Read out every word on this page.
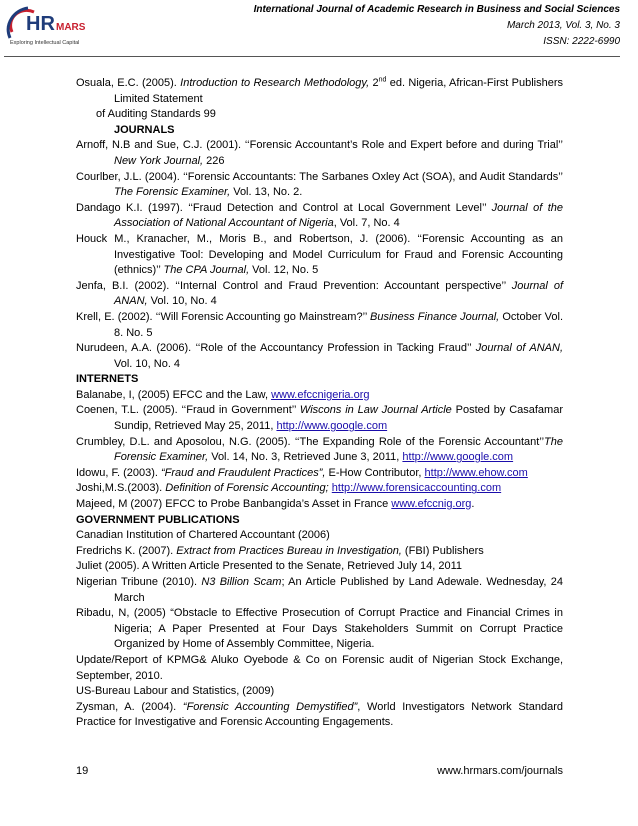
HR MARS
Exploring Intellectual Capital
International Journal of Academic Research in Business and Social Sciences
March 2013, Vol. 3, No. 3
ISSN: 2222-6990
Osuala, E.C. (2005). Introduction to Research Methodology, 2nd ed. Nigeria, African-First Publishers Limited Statement
of Auditing Standards 99
JOURNALS
Arnoff, N.B and Sue, C.J. (2001). ‘‘Forensic Accountant’s Role and Expert before and during Trial’’ New York Journal, 226
Courlber, J.L. (2004). ‘‘Forensic Accountants: The Sarbanes Oxley Act (SOA), and Audit Standards’’ The Forensic Examiner, Vol. 13, No. 2.
Dandago K.I. (1997). ‘‘Fraud Detection and Control at Local Government Level’’ Journal of the Association of National Accountant of Nigeria, Vol. 7, No. 4
Houck M., Kranacher, M., Moris B., and Robertson, J. (2006). ‘‘Forensic Accounting as an Investigative Tool: Developing and Model Curriculum for Fraud and Forensic Accounting (ethnics)’’ The CPA Journal, Vol. 12, No. 5
Jenfa, B.I. (2002). ‘‘Internal Control and Fraud Prevention: Accountant perspective’’ Journal of ANAN, Vol. 10, No. 4
Krell, E. (2002). ‘‘Will Forensic Accounting go Mainstream?’’ Business Finance Journal, October Vol. 8. No. 5
Nurudeen, A.A. (2006). ‘‘Role of the Accountancy Profession in Tacking Fraud’’ Journal of ANAN, Vol. 10, No. 4
INTERNETS
Balanabe, I, (2005) EFCC and the Law, www.efccnigeria.org
Coenen, T.L. (2005). ‘‘Fraud in Government’’ Wiscons in Law Journal Article Posted by Casafamar Sundip, Retrieved May 25, 2011, http://www.google.com
Crumbley, D.L. and Aposolou, N.G. (2005). ‘‘The Expanding Role of the Forensic Accountant’’The Forensic Examiner, Vol. 14, No. 3, Retrieved June 3, 2011, http://www.google.com
Idowu, F. (2003). “Fraud and Fraudulent Practices”, E-How Contributor, http://www.ehow.com
Joshi,M.S.(2003). Definition of Forensic Accounting; http://www.forensicaccounting.com
Majeed, M (2007) EFCC to Probe Banbangida’s Asset in France www.efccnig.org.
GOVERNMENT PUBLICATIONS
Canadian Institution of Chartered Accountant (2006)
Fredrichs K. (2007). Extract from Practices Bureau in Investigation, (FBI) Publishers
Juliet (2005). A Written Article Presented to the Senate, Retrieved July 14, 2011
Nigerian Tribune (2010). N3 Billion Scam; An Article Published by Land Adewale. Wednesday, 24 March
Ribadu, N, (2005) “Obstacle to Effective Prosecution of Corrupt Practice and Financial Crimes in Nigeria; A Paper Presented at Four Days Stakeholders Summit on Corrupt Practice Organized by Home of Assembly Committee, Nigeria.
Update/Report of KPMG& Aluko Oyebode & Co on Forensic audit of Nigerian Stock Exchange, September, 2010.
US-Bureau Labour and Statistics, (2009)
Zysman, A. (2004). “Forensic Accounting Demystified”, World Investigators Network Standard Practice for Investigative and Forensic Accounting Engagements.
19	www.hrmars.com/journals
